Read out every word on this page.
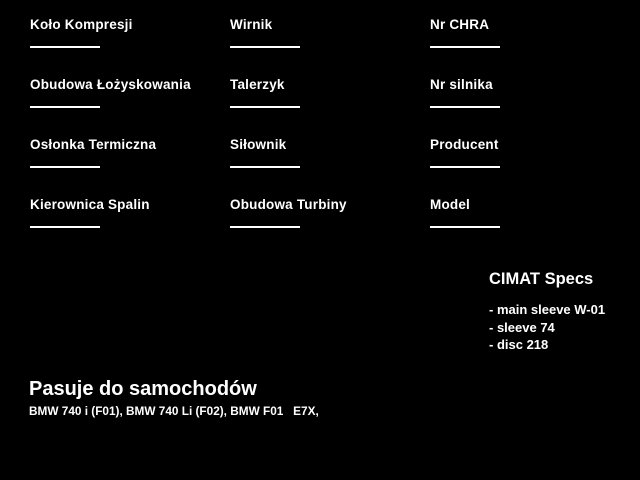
Koło Kompresji	Wirnik	Nr CHRA
Obudowa Łożyskowania	Talerzyk	Nr silnika
Osłonka Termiczna	Siłownik	Producent
Kierownica Spalin	Obudowa Turbiny	Model
CIMAT Specs
- main sleeve W-01
- sleeve 74
- disc 218
Pasuje do samochodów
BMW 740 i (F01), BMW 740 Li (F02), BMW F01   E7X,
